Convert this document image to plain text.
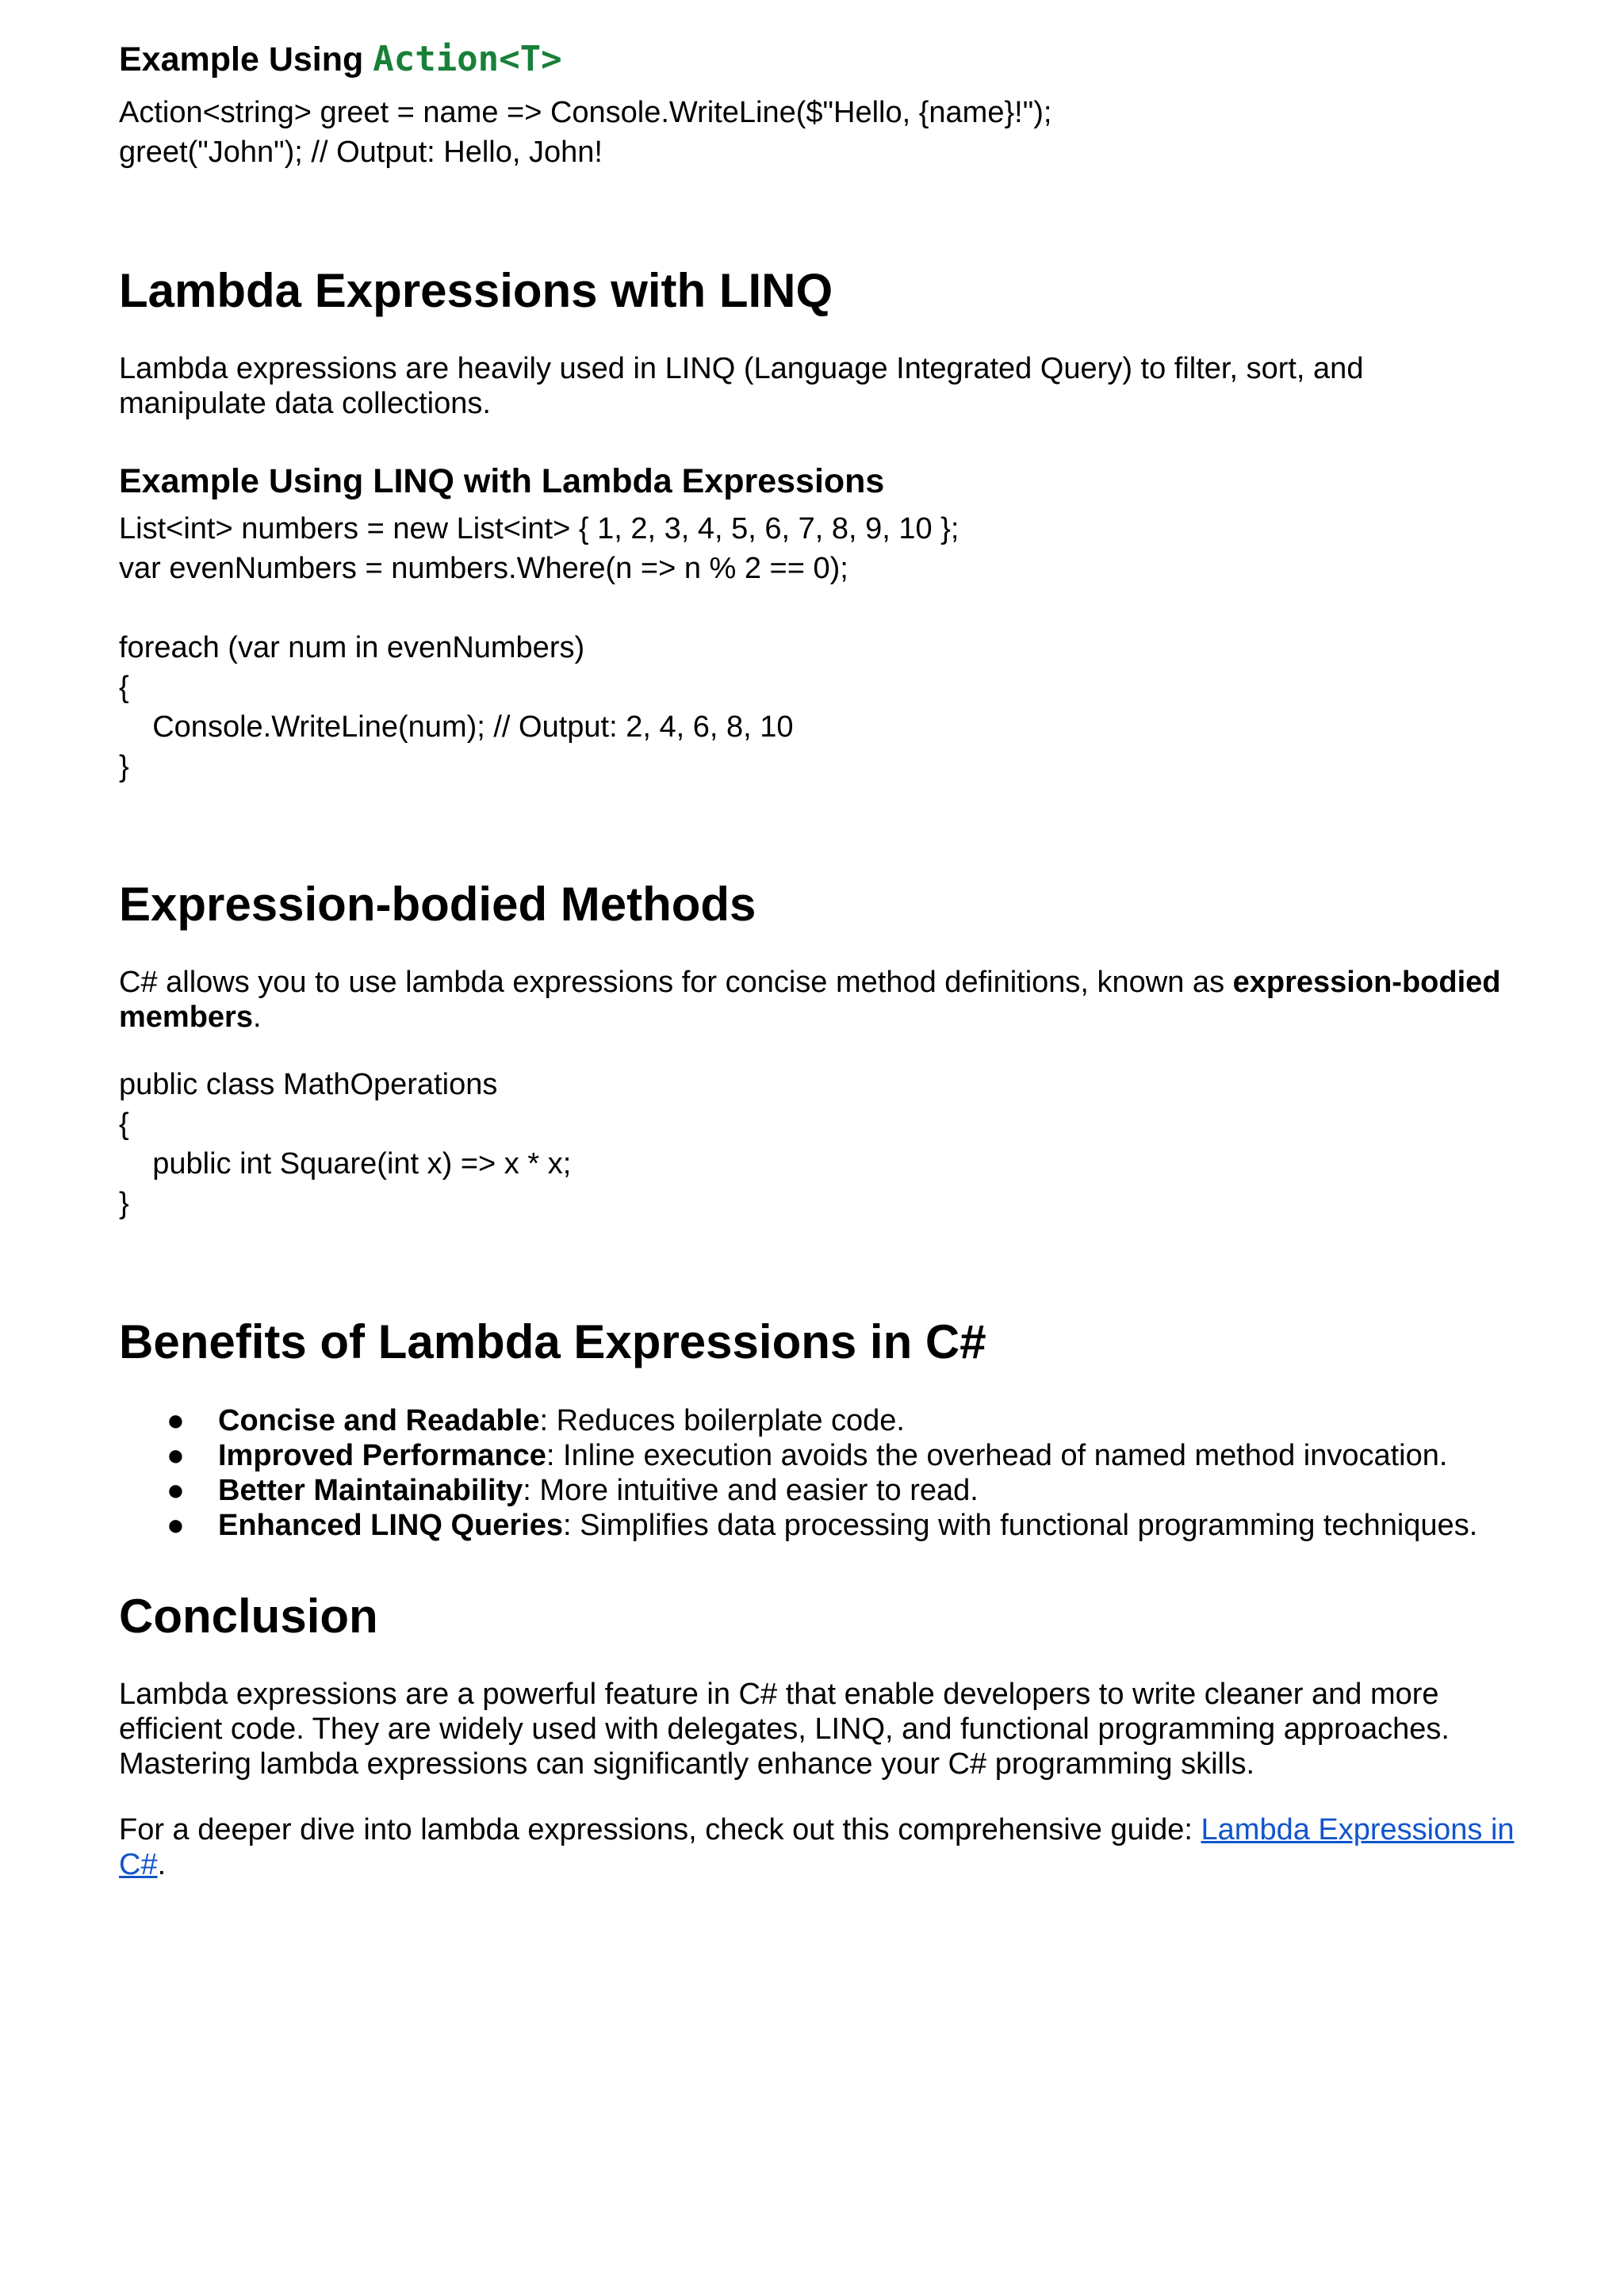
Example Using Action<T>
Action<string> greet = name => Console.WriteLine($"Hello, {name}!");
greet("John"); // Output: Hello, John!
Lambda Expressions with LINQ

Lambda expressions are heavily used in LINQ (Language Integrated Query) to filter, sort, and manipulate data collections.

Example Using LINQ with Lambda Expressions
List<int> numbers = new List<int> { 1, 2, 3, 4, 5, 6, 7, 8, 9, 10 };
var evenNumbers = numbers.Where(n => n % 2 == 0);

foreach (var num in evenNumbers)
{
Console.WriteLine(num); // Output: 2, 4, 6, 8, 10
}
Expression-bodied Methods

C# allows you to use lambda expressions for concise method definitions, known as expression-bodied members.

public class MathOperations
{
public int Square(int x) => x * x;
}
Benefits of Lambda Expressions in C#
● Concise and Readable: Reduces boilerplate code.
● Improved Performance: Inline execution avoids the overhead of named method invocation.
● Better Maintainability: More intuitive and easier to read.
● Enhanced LINQ Queries: Simplifies data processing with functional programming techniques.
Conclusion

Lambda expressions are a powerful feature in C# that enable developers to write cleaner and more efficient code. They are widely used with delegates, LINQ, and functional programming approaches. Mastering lambda expressions can significantly enhance your C# programming skills.

For a deeper dive into lambda expressions, check out this comprehensive guide: Lambda Expressions in C#.
